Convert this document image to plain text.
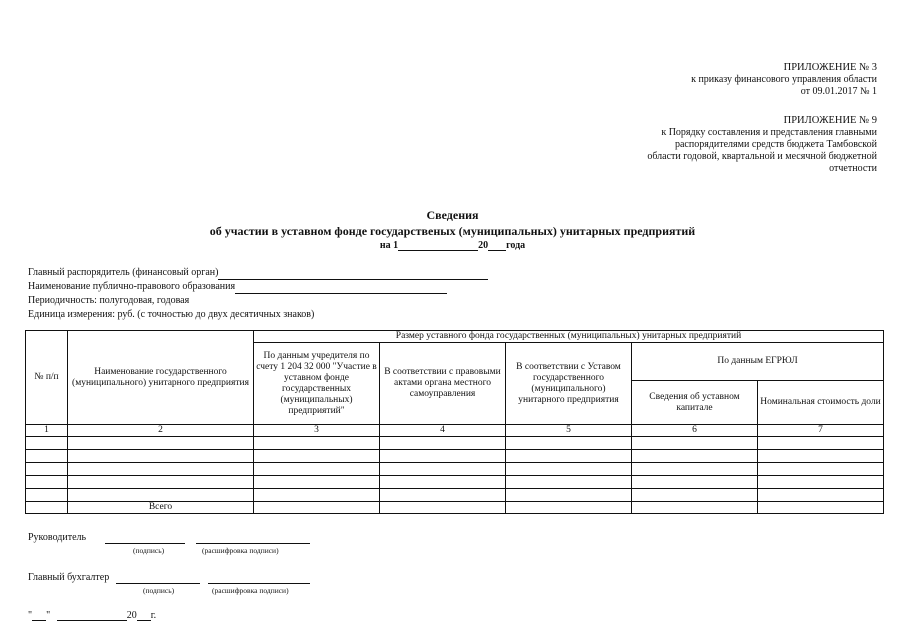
ПРИЛОЖЕНИЕ № 3
к приказу финансового управления области
от 09.01.2017 № 1
ПРИЛОЖЕНИЕ № 9
к Порядку составления и представления главными
распорядителями средств бюджета Тамбовской
области годовой, квартальной и месячной бюджетной
отчетности
Сведения
об участии в уставном фонде государственых (муниципальных) унитарных предприятий
на 1	20 года
Главный распорядитель (финансовый орган)
Наименование публично-правового образования
Периодичность: полугодовая, годовая
Единица измерения: руб. (с точностью до двух десятичных знаков)
№ п/п	Наименование государственного (муниципального) унитарного предприятия	Размер уставного фонда государственных (муниципальных) унитарных предприятий				
		По данным учредителя по счету 1 204 32 000 "Участие в уставном фонде государственных (муниципальных) предприятий"	В соответствии с правовыми актами органа местного самоуправления	В соответствии с Уставом государственного (муниципального) унитарного предприятия	По данным ЕГРЮЛ	
					Сведения об уставном капитале	Номинальная стоимость доли
1	2	3	4	5	6	7

	Всего					
Руководитель
(подпись)	(расшифровка подписи)
Главный бухгалтер
(подпись)	(расшифровка подписи)
" "	20 г.
